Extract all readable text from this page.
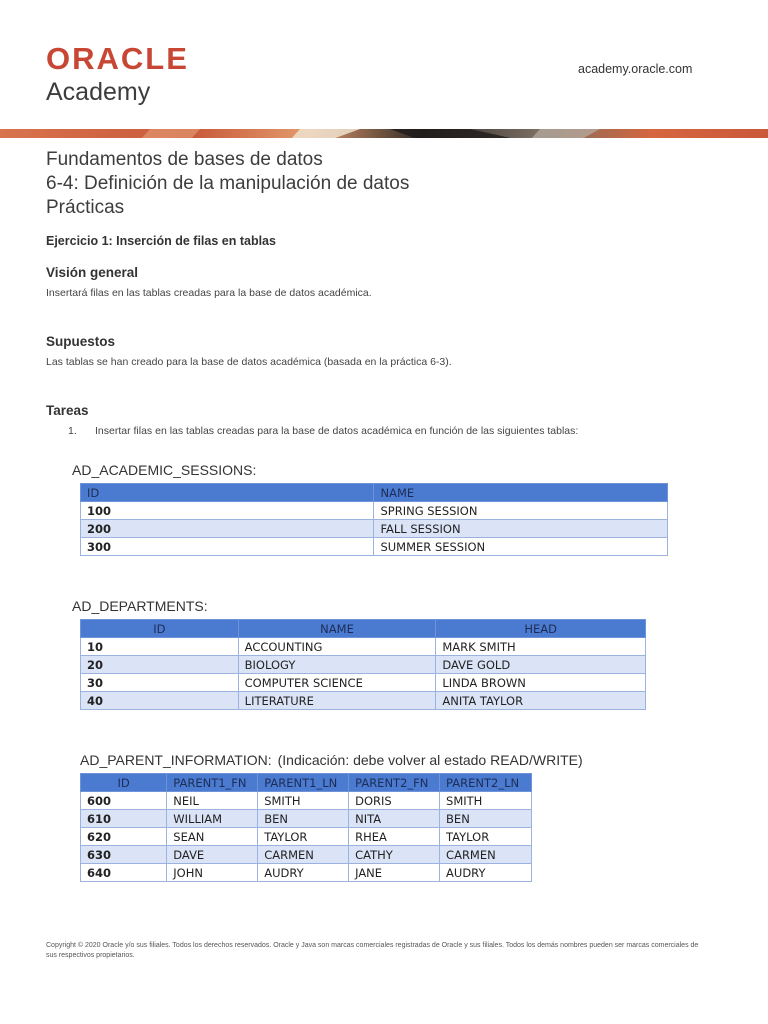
ORACLE
Academy
academy.oracle.com
Fundamentos de bases de datos
6-4: Definición de la manipulación de datos
Prácticas
Ejercicio 1: Inserción de filas en tablas
Visión general
Insertará filas en las tablas creadas para la base de datos académica.
Supuestos
Las tablas se han creado para la base de datos académica (basada en la práctica 6-3).
Tareas
1. Insertar filas en las tablas creadas para la base de datos académica en función de las siguientes tablas:
AD_ACADEMIC_SESSIONS:
ID	NAME
100	SPRING SESSION
200	FALL SESSION
300	SUMMER SESSION
AD_DEPARTMENTS:
ID	NAME	HEAD
10	ACCOUNTING	MARK SMITH
20	BIOLOGY	DAVE GOLD
30	COMPUTER SCIENCE	LINDA BROWN
40	LITERATURE	ANITA TAYLOR
AD_PARENT_INFORMATION: (Indicación: debe volver al estado READ/WRITE)
ID	PARENT1_FN	PARENT1_LN	PARENT2_FN	PARENT2_LN
600	NEIL	SMITH	DORIS	SMITH
610	WILLIAM	BEN	NITA	BEN
620	SEAN	TAYLOR	RHEA	TAYLOR
630	DAVE	CARMEN	CATHY	CARMEN
640	JOHN	AUDRY	JANE	AUDRY
Copyright © 2020 Oracle y/o sus filiales. Todos los derechos reservados. Oracle y Java son marcas comerciales registradas de Oracle y sus filiales. Todos los demás nombres pueden ser marcas comerciales de sus respectivos propietarios.
